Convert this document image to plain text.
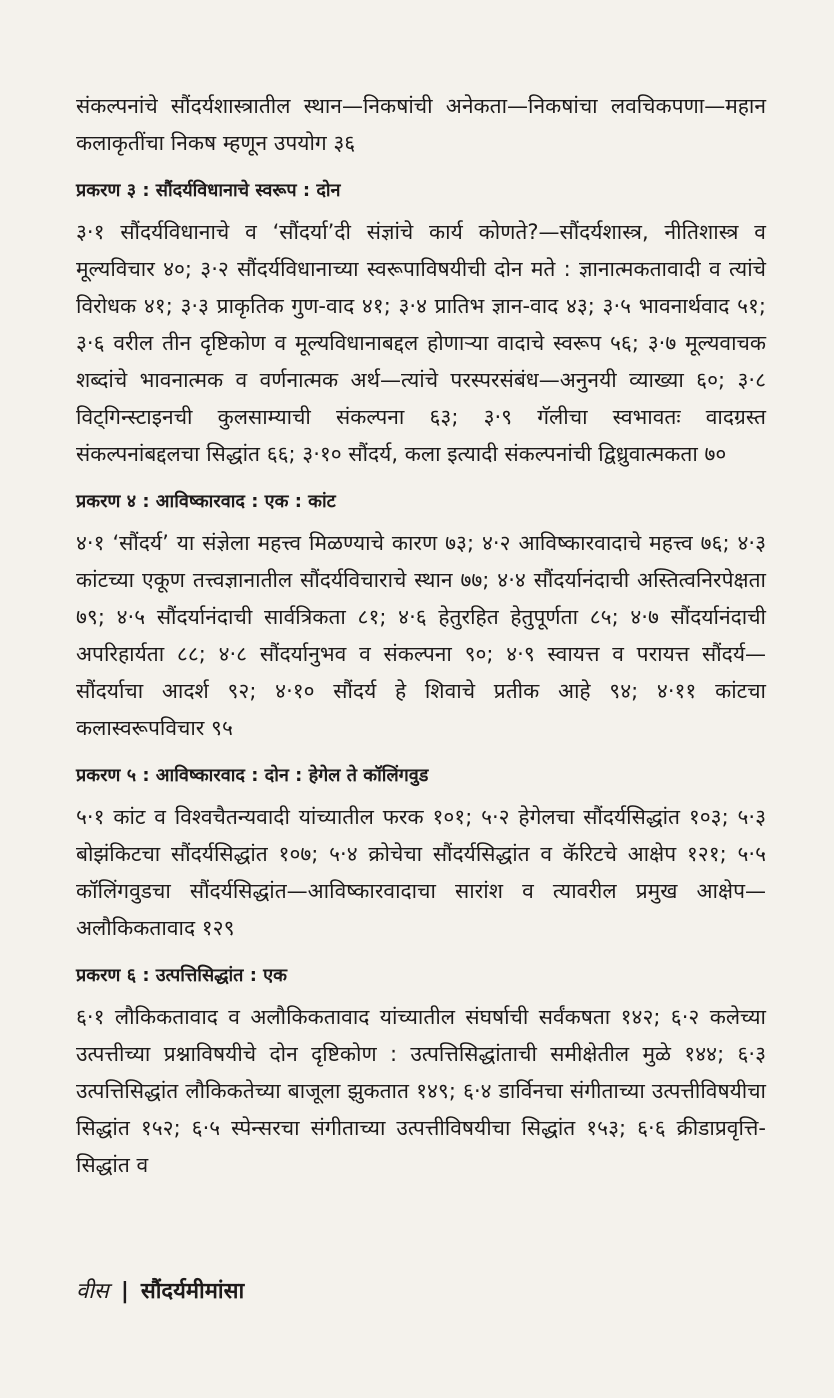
संकल्पनांचे सौंदर्यशास्त्रातील स्थान—निकषांची अनेकता—निकषांचा लवचिकपणा—महान कलाकृतींचा निकष म्हणून उपयोग ३६

प्रकरण ३ : सौंदर्यविधानाचे स्वरूप : दोन

३·१ सौंदर्यविधानाचे व ‘सौंदर्या’दी संज्ञांचे कार्य कोणते?—सौंदर्यशास्त्र, नीतिशास्त्र व मूल्यविचार ४०; ३·२ सौंदर्यविधानाच्या स्वरूपाविषयीची दोन मते : ज्ञानात्मकतावादी व त्यांचे विरोधक ४१; ३·३ प्राकृतिक गुण-वाद ४१; ३·४ प्रातिभ ज्ञान-वाद ४३; ३·५ भावनार्थवाद ५१; ३·६ वरील तीन दृष्टिकोण व मूल्यविधानाबद्दल होणाऱ्या वादाचे स्वरूप ५६; ३·७ मूल्यवाचक शब्दांचे भावनात्मक व वर्णनात्मक अर्थ—त्यांचे परस्परसंबंध—अनुनयी व्याख्या ६०; ३·८ विट्गिन्स्टाइनची कुलसाम्याची संकल्पना ६३; ३·९ गॅलीचा स्वभावतः वादग्रस्त संकल्पनांबद्दलचा सिद्धांत ६६; ३·१० सौंदर्य, कला इत्यादी संकल्पनांची द्विध्रुवात्मकता ७०

प्रकरण ४ : आविष्कारवाद : एक : कांट

४·१ ‘सौंदर्य’ या संज्ञेला महत्त्व मिळण्याचे कारण ७३; ४·२ आविष्कारवादाचे महत्त्व ७६; ४·३ कांटच्या एकूण तत्त्वज्ञानातील सौंदर्यविचाराचे स्थान ७७; ४·४ सौंदर्यानंदाची अस्तित्वनिरपेक्षता ७९; ४·५ सौंदर्यानंदाची सार्वत्रिकता ८१; ४·६ हेतुरहित हेतुपूर्णता ८५; ४·७ सौंदर्यानंदाची अपरिहार्यता ८८; ४·८ सौंदर्यानुभव व संकल्पना ९०; ४·९ स्वायत्त व परायत्त सौंदर्य—सौंदर्याचा आदर्श ९२; ४·१० सौंदर्य हे शिवाचे प्रतीक आहे ९४; ४·११ कांटचा कलास्वरूपविचार ९५

प्रकरण ५ : आविष्कारवाद : दोन : हेगेल ते कॉलिंगवुड

५·१ कांट व विश्वचैतन्यवादी यांच्यातील फरक १०१; ५·२ हेगेलचा सौंदर्यसिद्धांत १०३; ५·३ बोझंकिटचा सौंदर्यसिद्धांत १०७; ५·४ क्रोचेचा सौंदर्यसिद्धांत व कॅरिटचे आक्षेप १२१; ५·५ कॉलिंगवुडचा सौंदर्यसिद्धांत—आविष्कारवादाचा सारांश व त्यावरील प्रमुख आक्षेप—अलौकिकतावाद १२९

प्रकरण ६ : उत्पत्तिसिद्धांत : एक

६·१ लौकिकतावाद व अलौकिकतावाद यांच्यातील संघर्षाची सर्वंकषता १४२; ६·२ कलेच्या उत्पत्तीच्या प्रश्नाविषयीचे दोन दृष्टिकोण : उत्पत्तिसिद्धांताची समीक्षेतील मुळे १४४; ६·३ उत्पत्तिसिद्धांत लौकिकतेच्या बाजूला झुकतात १४९; ६·४ डार्विनचा संगीताच्या उत्पत्तीविषयीचा सिद्धांत १५२; ६·५ स्पेन्सरचा संगीताच्या उत्पत्तीविषयीचा सिद्धांत १५३; ६·६ क्रीडाप्रवृत्ति-सिद्धांत व

वीस | सौंदर्यमीमांसा
